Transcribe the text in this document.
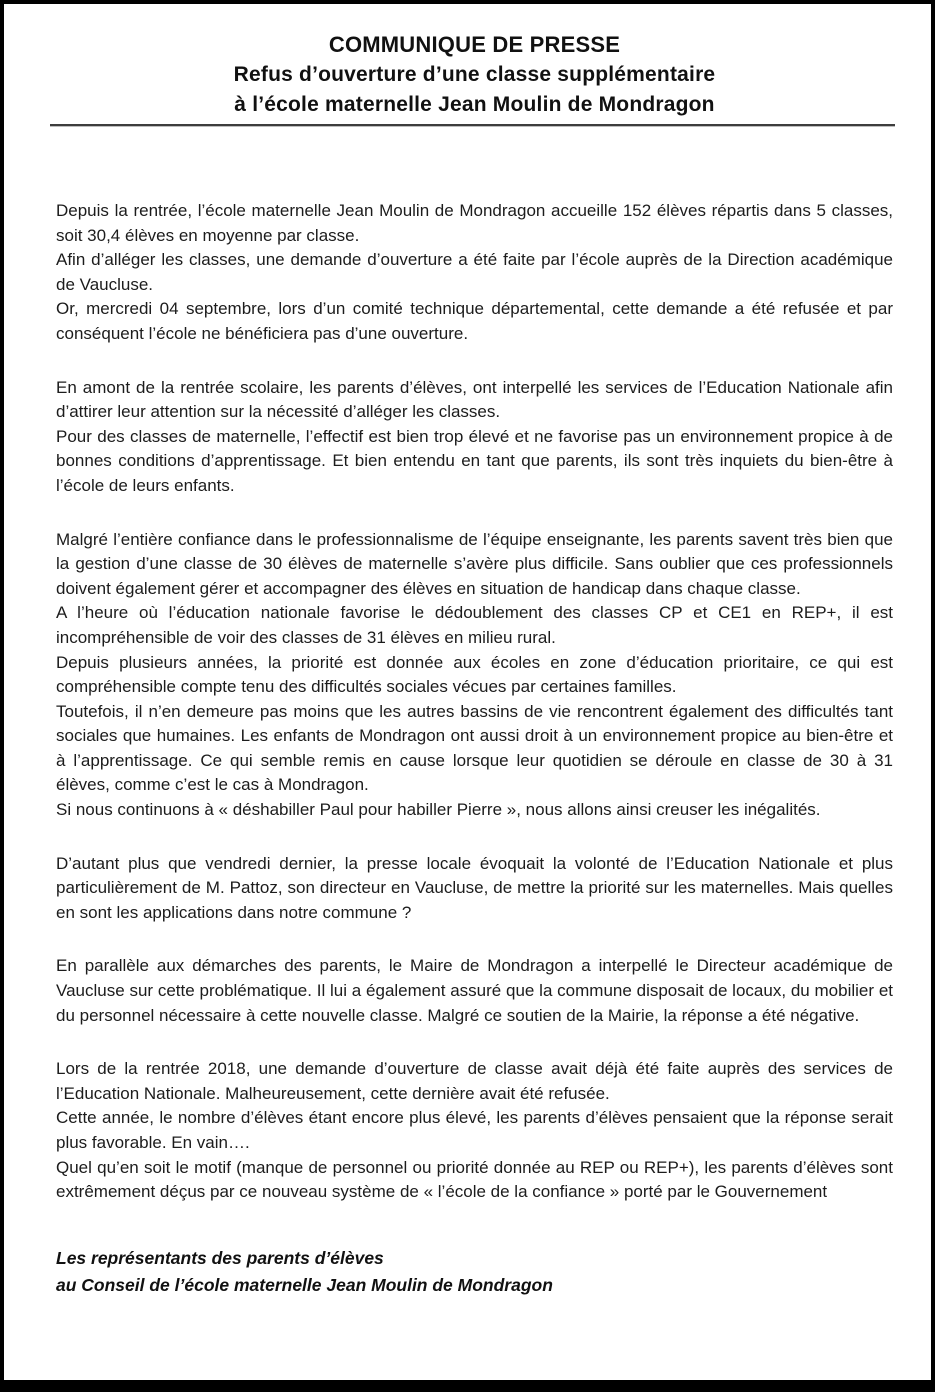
COMMUNIQUE DE PRESSE
Refus d’ouverture d’une classe supplémentaire
à l’école maternelle Jean Moulin de Mondragon

Depuis la rentrée, l’école maternelle Jean Moulin de Mondragon accueille 152 élèves répartis dans 5 classes, soit 30,4 élèves en moyenne par classe.

Afin d’alléger les classes, une demande d’ouverture a été faite par l’école auprès de la Direction académique de Vaucluse.

Or, mercredi 04 septembre, lors d’un comité technique départemental, cette demande a été refusée et par conséquent l’école ne bénéficiera pas d’une ouverture.

En amont de la rentrée scolaire, les parents d’élèves, ont interpellé les services de l’Education Nationale afin d’attirer leur attention sur la nécessité d’alléger les classes.

Pour des classes de maternelle, l’effectif est bien trop élevé et ne favorise pas un environnement propice à de bonnes conditions d’apprentissage. Et bien entendu en tant que parents, ils sont très inquiets du bien-être à l’école de leurs enfants.

Malgré l’entière confiance dans le professionnalisme de l’équipe enseignante, les parents savent très bien que la gestion d’une classe de 30 élèves de maternelle s’avère plus difficile. Sans oublier que ces professionnels doivent également gérer et accompagner des élèves en situation de handicap dans chaque classe.

A l’heure où l’éducation nationale favorise le dédoublement des classes CP et CE1 en REP+, il est incompréhensible de voir des classes de 31 élèves en milieu rural.

Depuis plusieurs années, la priorité est donnée aux écoles en zone d’éducation prioritaire, ce qui est compréhensible compte tenu des difficultés sociales vécues par certaines familles.

Toutefois, il n’en demeure pas moins que les autres bassins de vie rencontrent également des difficultés tant sociales que humaines. Les enfants de Mondragon ont aussi droit à un environnement propice au bien-être et à l’apprentissage. Ce qui semble remis en cause lorsque leur quotidien se déroule en classe de 30 à 31 élèves, comme c’est le cas à Mondragon.

Si nous continuons à « déshabiller Paul pour habiller Pierre », nous allons ainsi creuser les inégalités.

D’autant plus que vendredi dernier, la presse locale évoquait la volonté de l’Education Nationale et plus particulièrement de M. Pattoz, son directeur en Vaucluse, de mettre la priorité sur les maternelles. Mais quelles en sont les applications dans notre commune ?

En parallèle aux démarches des parents, le Maire de Mondragon a interpellé le Directeur académique de Vaucluse sur cette problématique. Il lui a également assuré que la commune disposait de locaux, du mobilier et du personnel nécessaire à cette nouvelle classe. Malgré ce soutien de la Mairie, la réponse a été négative.

Lors de la rentrée 2018, une demande d’ouverture de classe avait déjà été faite auprès des services de l’Education Nationale. Malheureusement, cette dernière avait été refusée.

Cette année, le nombre d’élèves étant encore plus élevé, les parents d’élèves pensaient que la réponse serait plus favorable. En vain….

Quel qu’en soit le motif (manque de personnel ou priorité donnée au REP ou REP+), les parents d’élèves sont extrêmement déçus par ce nouveau système de « l’école de la confiance » porté par le Gouvernement

Les représentants des parents d’élèves
au Conseil de l’école maternelle Jean Moulin de Mondragon
